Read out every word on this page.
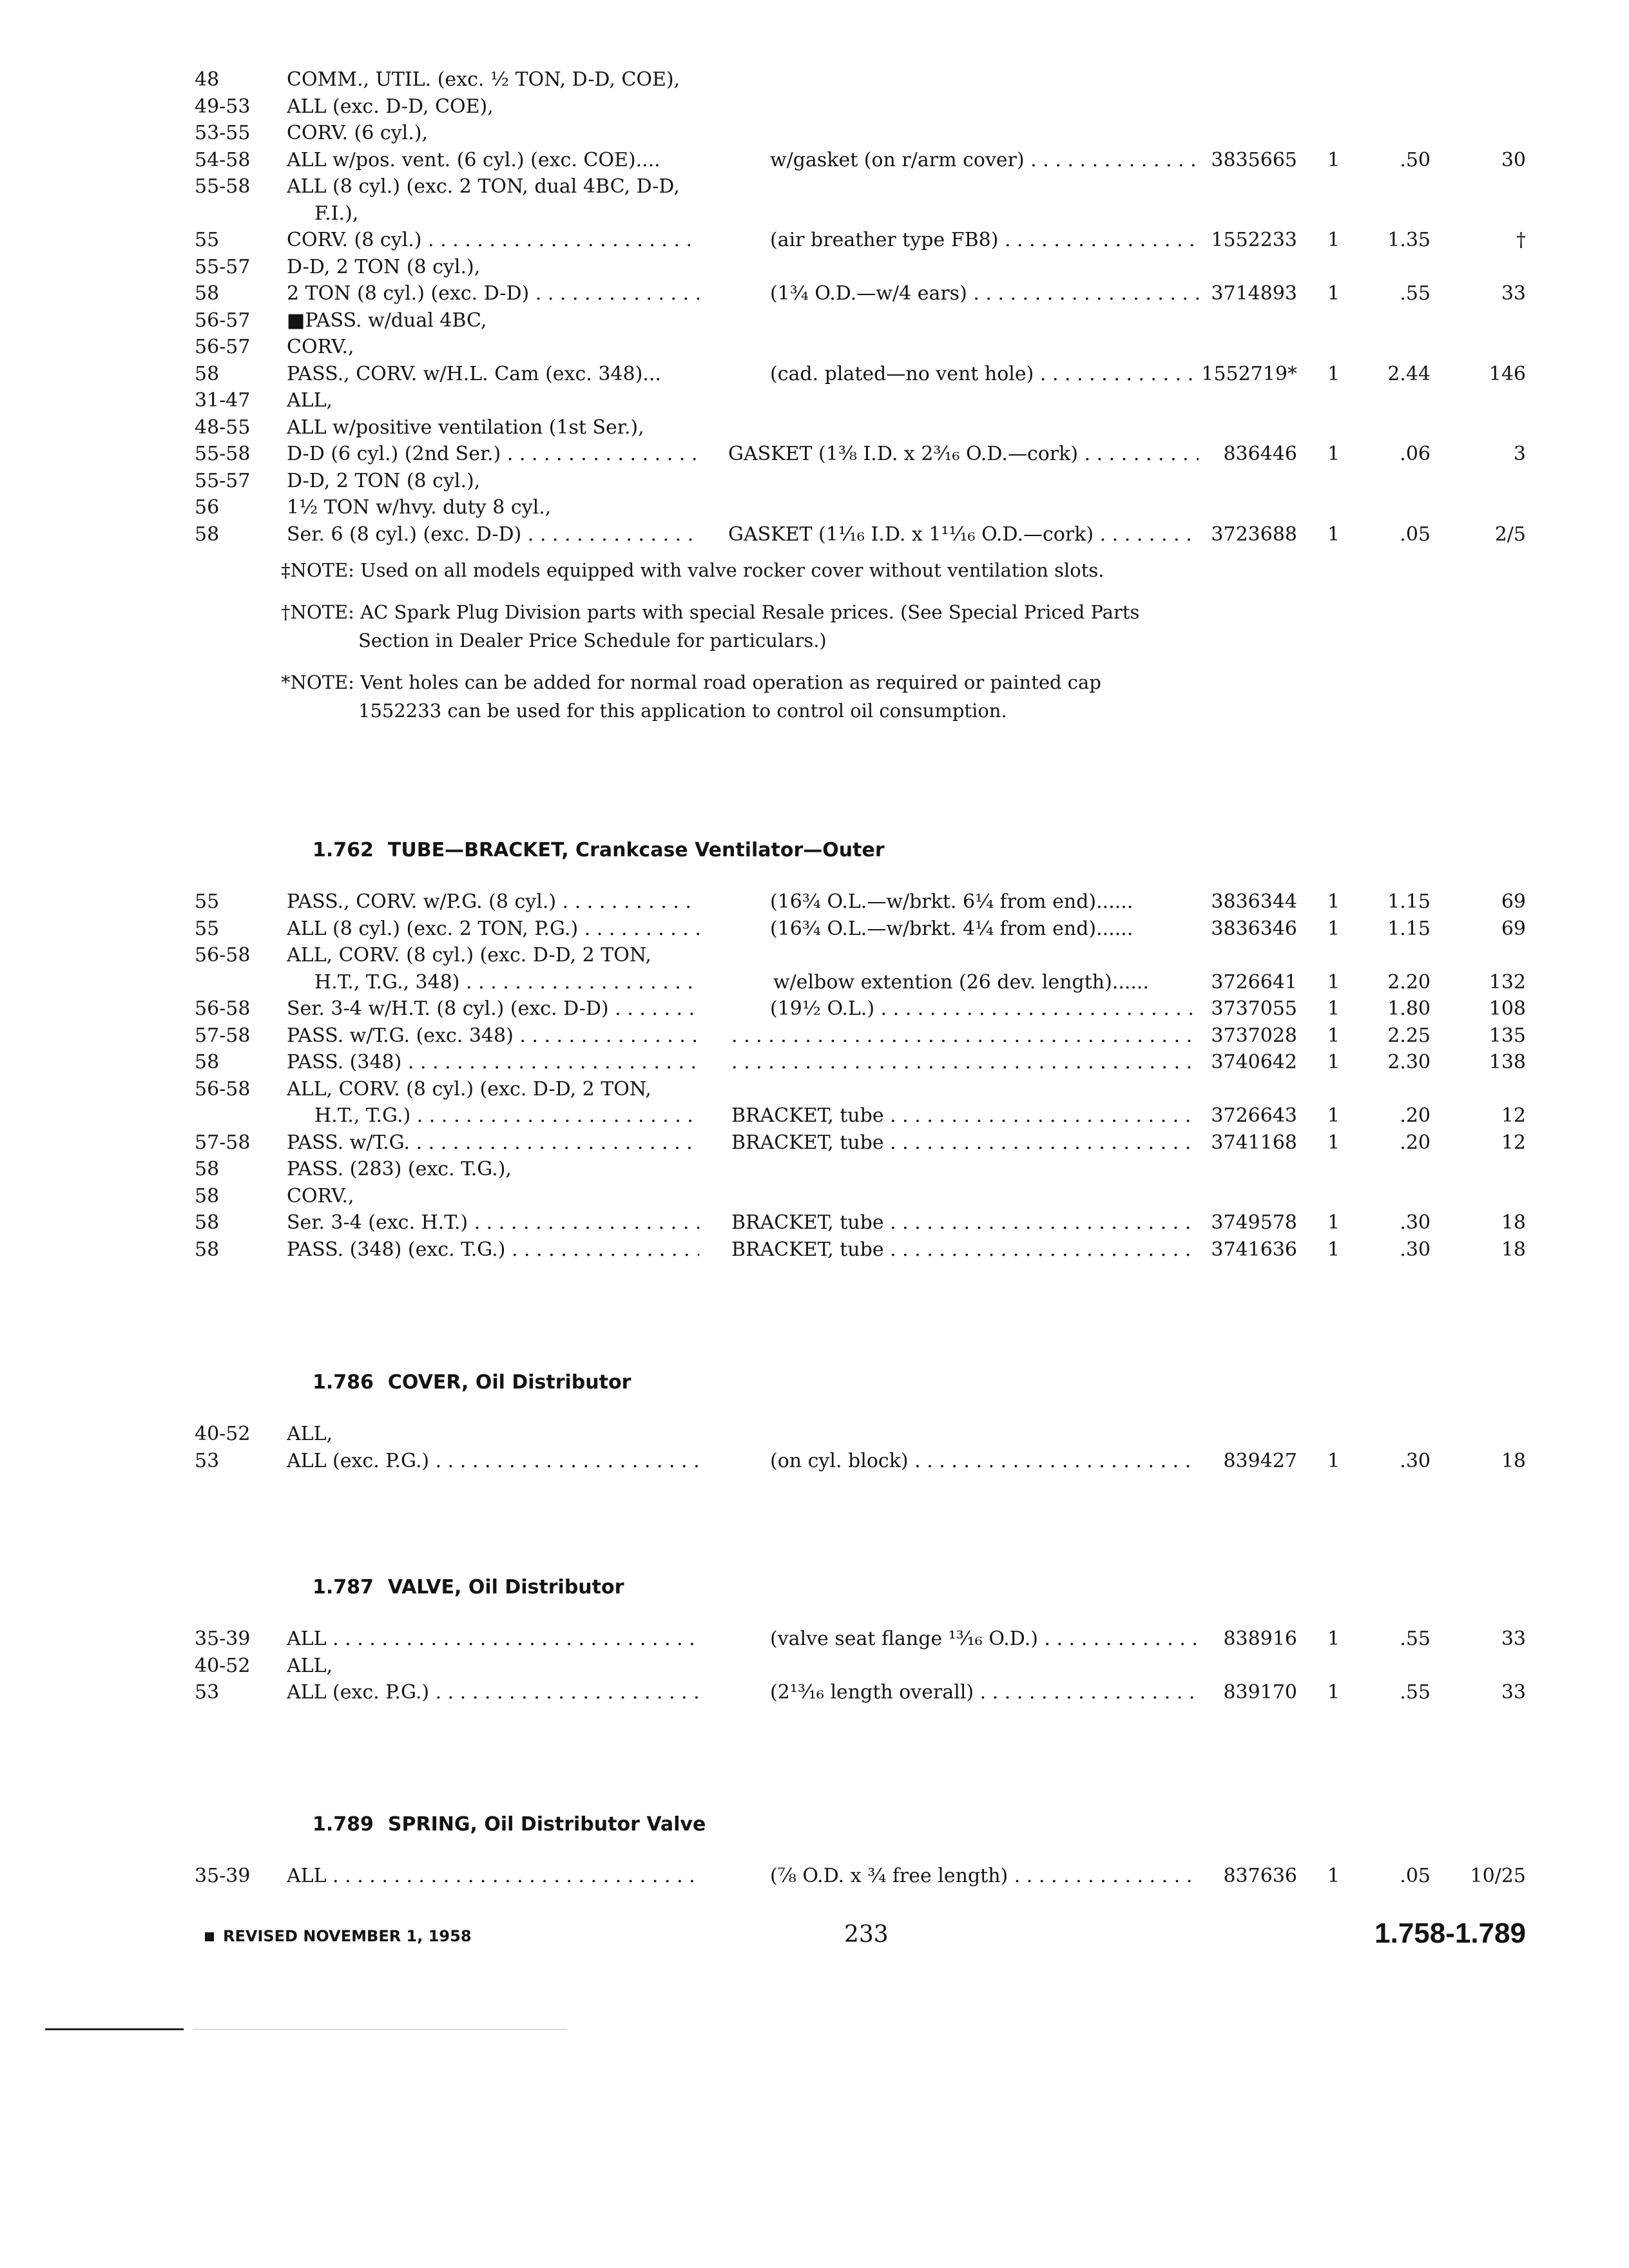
48	COMM., UTIL. (exc. ½ TON, D-D, COE),
49-53 ALL (exc. D-D, COE),
53-55 CORV. (6 cyl.),
54-58 ALL w/pos. vent. (6 cyl.) (exc. COE)....	w/gasket (on r/arm cover) . . .	3835665 1	.50	30
55-58 ALL (8 cyl.) (exc. 2 TON, dual 4BC, D-D,
F.I.),
55	CORV. (8 cyl.) . . .	(air breather type FB8) . . .	1552233 1 1.35	†
55-57 D-D, 2 TON (8 cyl.),
58	2 TON (8 cyl.) (exc. D-D) . . .	(1¾ O.D.—w/4 ears) . . .	3714893 1	.55	33
56-57 ■PASS. w/dual 4BC,
56-57 CORV.,
58	PASS., CORV. w/H.L. Cam (exc. 348)...	(cad. plated—no vent hole) . . .	1552719* 1 2.44	146
31-47 ALL,
48-55 ALL w/positive ventilation (1st Ser.),
55-58 D-D (6 cyl.) (2nd Ser.) . . .	GASKET (1⅜ I.D. x 2³⁄₁₆ O.D.—cork) . . .	836446 1	.06	3
55-57 D-D, 2 TON (8 cyl.),
56	1½ TON w/hvy. duty 8 cyl.,
58	Ser. 6 (8 cyl.) (exc. D-D) . . .	GASKET (1¹⁄₁₆ I.D. x 1¹¹⁄₁₆ O.D.—cork) . . .	3723688 1	.05	2/5
‡NOTE: Used on all models equipped with valve rocker cover without ventilation slots.
†NOTE: AC Spark Plug Division parts with special Resale prices. (See Special Priced Parts
Section in Dealer Price Schedule for particulars.)
*NOTE: Vent holes can be added for normal road operation as required or painted cap
1552233 can be used for this application to control oil consumption.
1.762 TUBE—BRACKET, Crankcase Ventilator—Outer
55	PASS., CORV. w/P.G. (8 cyl.) . . .	(16¾ O.L.—w/brkt. 6¼ from end)......	3836344 1 1.15	69
55	ALL (8 cyl.) (exc. 2 TON, P.G.) . . .	(16¾ O.L.—w/brkt. 4¼ from end)......	3836346 1 1.15	69
56-58 ALL, CORV. (8 cyl.) (exc. D-D, 2 TON,
H.T., T.G., 348) . . .	w/elbow extention (26 dev. length)......	3726641 1 2.20	132
56-58 Ser. 3-4 w/H.T. (8 cyl.) (exc. D-D) . . .	(19½ O.L.) . . .	3737055 1 1.80	108
57-58 PASS. w/T.G. (exc. 348) . . . . . .	3737028 1 2.25	135
58	PASS. (348) . . . . . .	3740642 1 2.30	138
56-58 ALL, CORV. (8 cyl.) (exc. D-D, 2 TON,
H.T., T.G.) . . .	BRACKET, tube . . .	3726643 1	.20	12
57-58 PASS. w/T.G. . . .	BRACKET, tube . . .	3741168 1	.20	12
58	PASS. (283) (exc. T.G.),
58	CORV.,
58	Ser. 3-4 (exc. H.T.) . . .	BRACKET, tube . . .	3749578 1	.30	18
58	PASS. (348) (exc. T.G.) . . .	BRACKET, tube . . .	3741636 1	.30	18
1.786 COVER, Oil Distributor
40-52 ALL,
53	ALL (exc. P.G.) . . .	(on cyl. block) . . .	839427 1	.30	18
1.787 VALVE, Oil Distributor
35-39 ALL . . .	(valve seat flange ¹³⁄₁₆ O.D.) . . .	838916 1	.55	33
40-52 ALL,
53	ALL (exc. P.G.) . . .	(2¹³⁄₁₆ length overall) . . .	839170 1	.55	33
1.789 SPRING, Oil Distributor Valve
35-39 ALL . . .	(⅞ O.D. x ¾ free length) . . .	837636 1	.05 10/25
REVISED NOVEMBER 1, 1958	233	1.758-1.789
